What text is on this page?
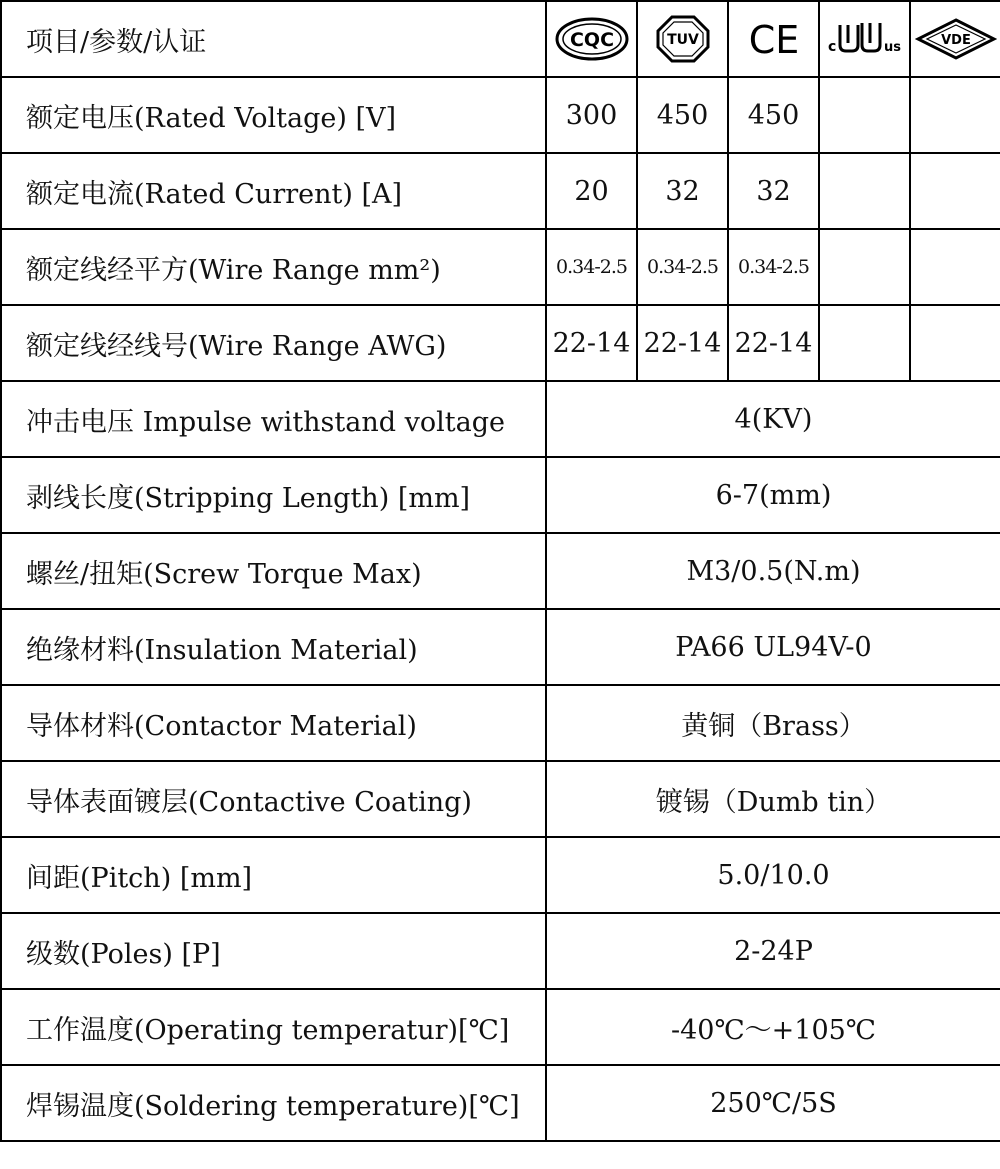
项目/参数/认证	CQC	TUV	CE	c us	VDE

额定电压(Rated Voltage) [V]	300	450	450		
额定电流(Rated Current) [A]	20	32	32		
额定线经平方(Wire Range mm²)	0.34-2.5	0.34-2.5	0.34-2.5		
额定线经线号(Wire Range AWG)	22-14	22-14	22-14		
冲击电压 Impulse withstand voltage	4(KV)				
剥线长度(Stripping Length) [mm]	6-7(mm)				
螺丝/扭矩(Screw Torque Max)	M3/0.5(N.m)				
绝缘材料(Insulation Material)	PA66 UL94V-0				
导体材料(Contactor Material)	黄铜（Brass）				
导体表面镀层(Contactive Coating)	镀锡（Dumb tin）				
间距(Pitch) [mm]	5.0/10.0				
级数(Poles) [P]	2-24P				
工作温度(Operating temperatur)[℃]	-40℃～+105℃				
焊锡温度(Soldering temperature)[℃]	250℃/5S				
